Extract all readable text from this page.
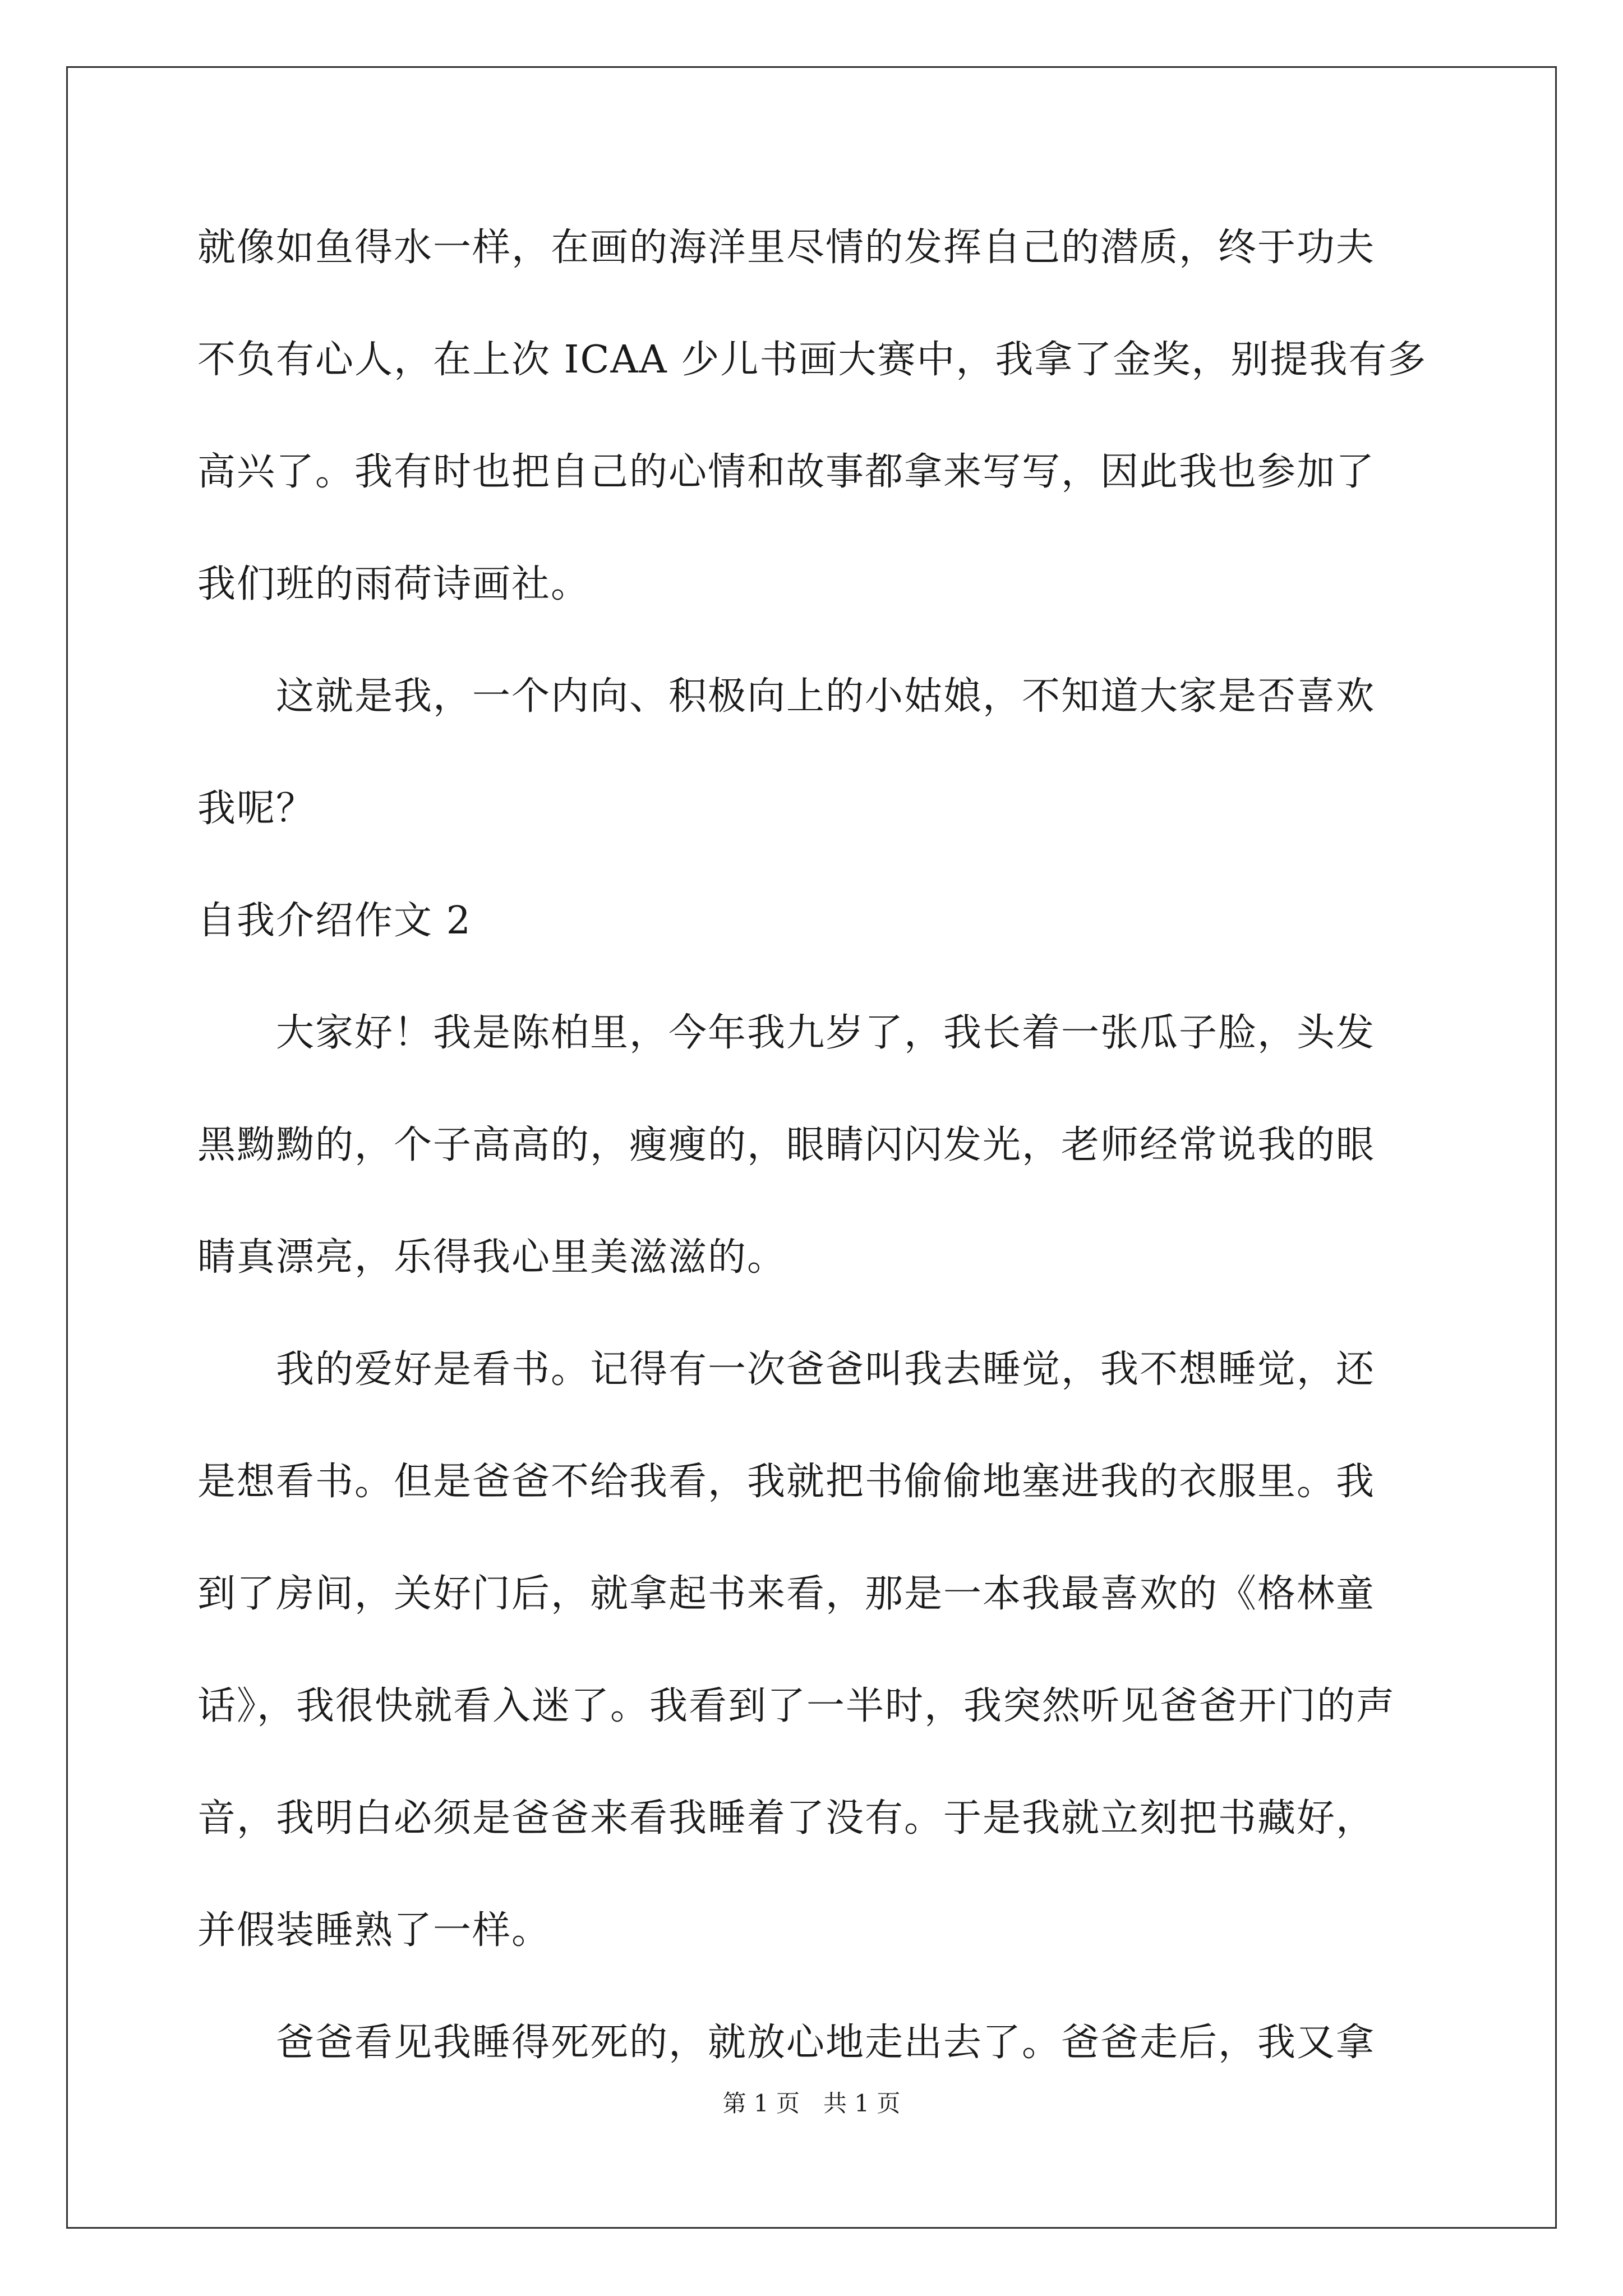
就像如鱼得水一样，在画的海洋里尽情的发挥自己的潜质，终于功夫
不负有心人，在上次 ICAA 少儿书画大赛中，我拿了金奖，别提我有多
高兴了。我有时也把自己的心情和故事都拿来写写，因此我也参加了
我们班的雨荷诗画社。
　　这就是我，一个内向、积极向上的小姑娘，不知道大家是否喜欢
我呢？
自我介绍作文 2
　　大家好！我是陈柏里，今年我九岁了，我长着一张瓜子脸，头发
黑黝黝的，个子高高的，瘦瘦的，眼睛闪闪发光，老师经常说我的眼
睛真漂亮，乐得我心里美滋滋的。
　　我的爱好是看书。记得有一次爸爸叫我去睡觉，我不想睡觉，还
是想看书。但是爸爸不给我看，我就把书偷偷地塞进我的衣服里。我
到了房间，关好门后，就拿起书来看，那是一本我最喜欢的《格林童
话》，我很快就看入迷了。我看到了一半时，我突然听见爸爸开门的声
音，我明白必须是爸爸来看我睡着了没有。于是我就立刻把书藏好，
并假装睡熟了一样。
　　爸爸看见我睡得死死的，就放心地走出去了。爸爸走后，我又拿
第 1 页　共 1 页
